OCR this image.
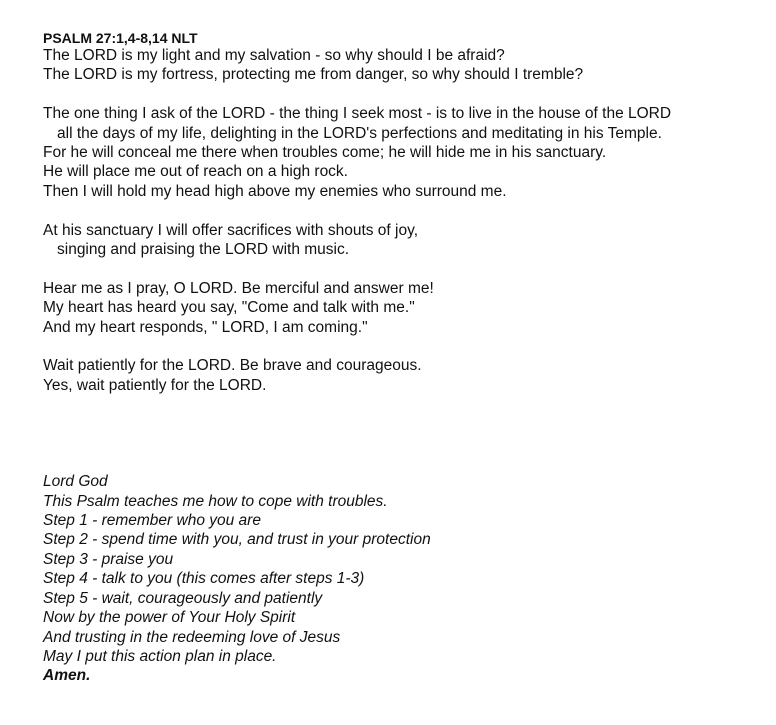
PSALM 27:1,4-8,14 NLT

The LORD is my light and my salvation - so why should I be afraid?

The LORD is my fortress, protecting me from danger, so why should I tremble?

The one thing I ask of the LORD - the thing I seek most - is to live in the house of the LORD

all the days of my life, delighting in the LORD's perfections and meditating in his Temple.

For he will conceal me there when troubles come; he will hide me in his sanctuary.

He will place me out of reach on a high rock.

Then I will hold my head high above my enemies who surround me.

At his sanctuary I will offer sacrifices with shouts of joy,

singing and praising the LORD with music.

Hear me as I pray, O LORD. Be merciful and answer me!

My heart has heard you say, "Come and talk with me."

And my heart responds, " LORD, I am coming."

Wait patiently for the LORD. Be brave and courageous.

Yes, wait patiently for the LORD.

Lord God

This Psalm teaches me how to cope with troubles.

Step 1 - remember who you are

Step 2 - spend time with you, and trust in your protection

Step 3 - praise you

Step 4 - talk to you (this comes after steps 1-3)

Step 5 - wait, courageously and patiently

Now by the power of Your Holy Spirit

And trusting in the redeeming love of Jesus

May I put this action plan in place.

Amen.
